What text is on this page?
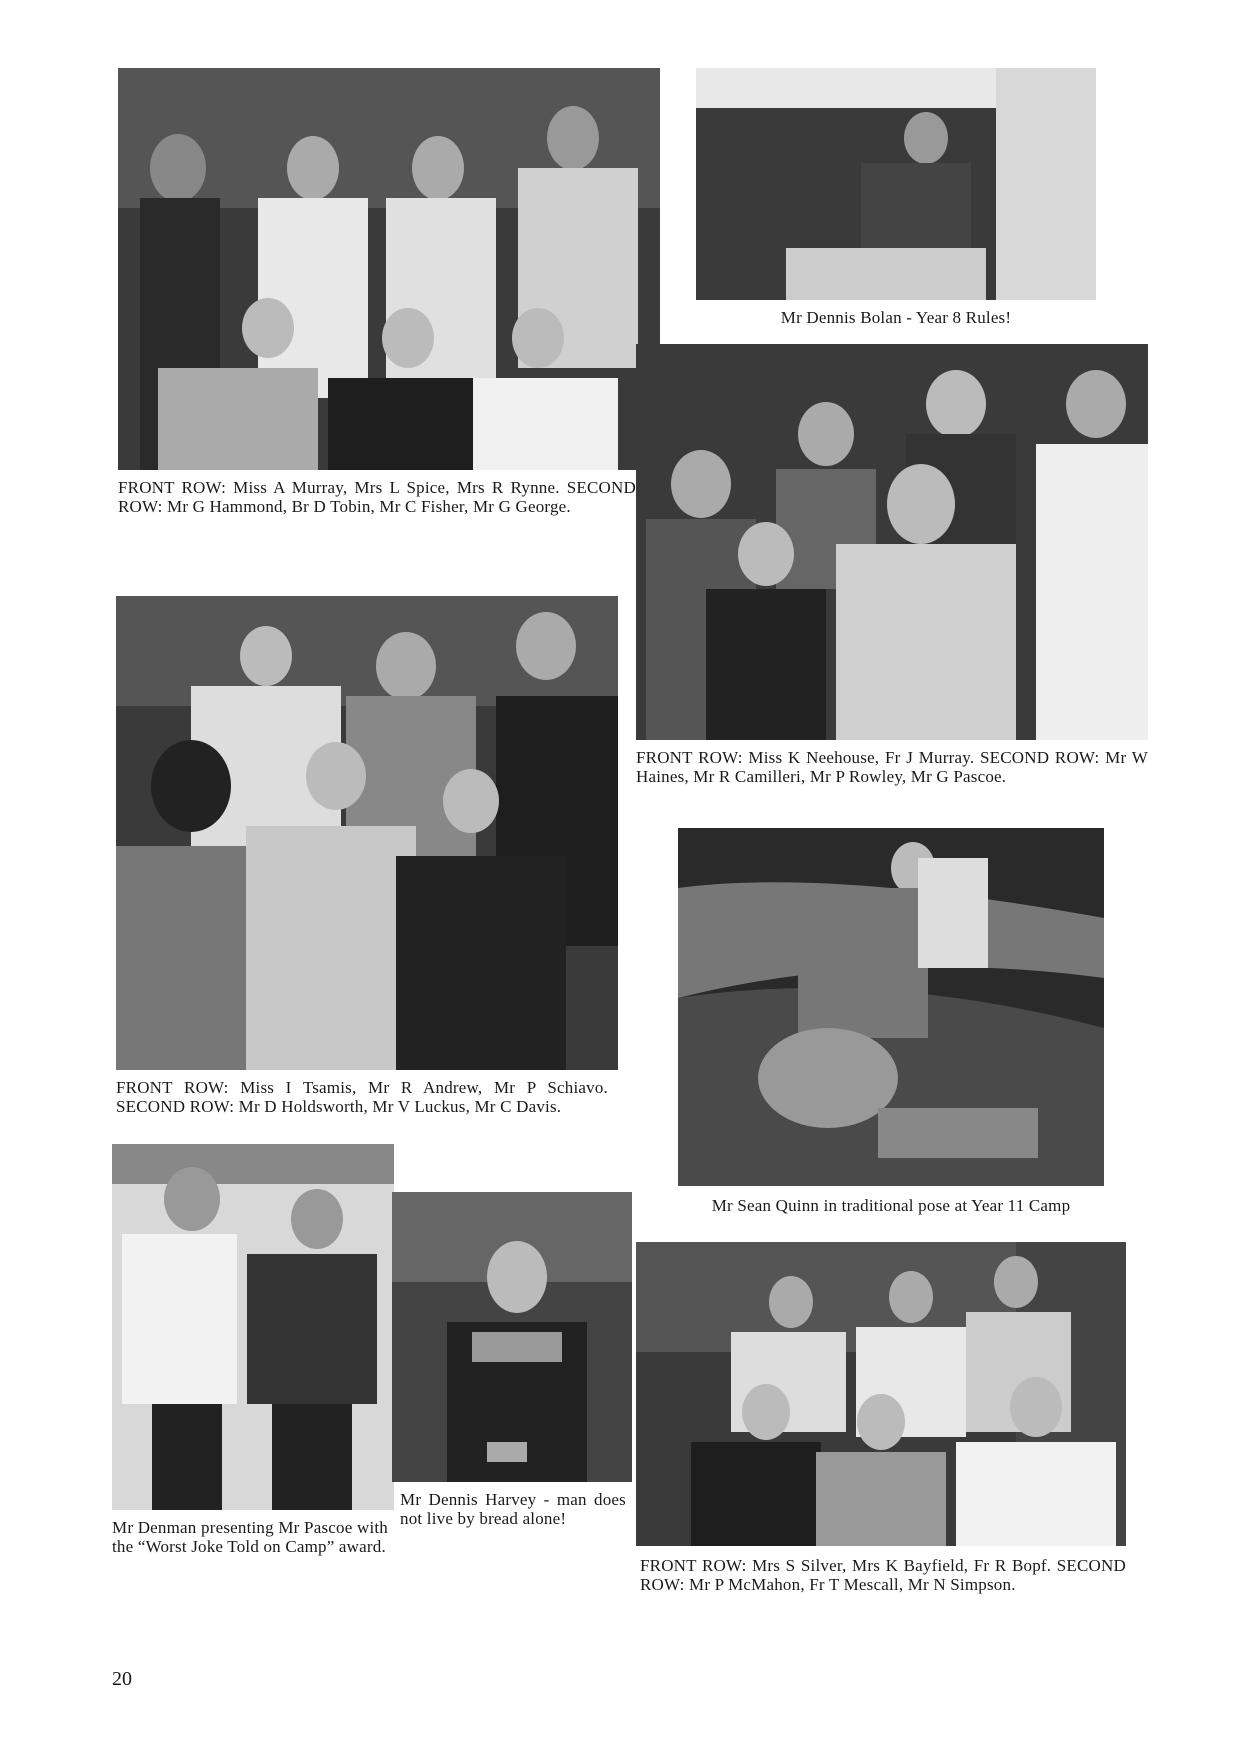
FRONT ROW: Miss A Murray, Mrs L Spice, Mrs R Rynne. SECOND ROW: Mr G Hammond, Br D Tobin, Mr C Fisher, Mr G George.
Mr Dennis Bolan - Year 8 Rules!
FRONT ROW: Miss K Neehouse, Fr J Murray. SECOND ROW: Mr W Haines, Mr R Camilleri, Mr P Rowley, Mr G Pascoe.
FRONT ROW: Miss I Tsamis, Mr R Andrew, Mr P Schiavo. SECOND ROW: Mr D Holdsworth, Mr V Luckus, Mr C Davis.
Mr Sean Quinn in traditional pose at Year 11 Camp
Mr Denman presenting Mr Pascoe with the “Worst Joke Told on Camp” award.
Mr Dennis Harvey - man does not live by bread alone!
FRONT ROW: Mrs S Silver, Mrs K Bayfield, Fr R Bopf. SECOND ROW: Mr P McMahon, Fr T Mescall, Mr N Simpson.
20
